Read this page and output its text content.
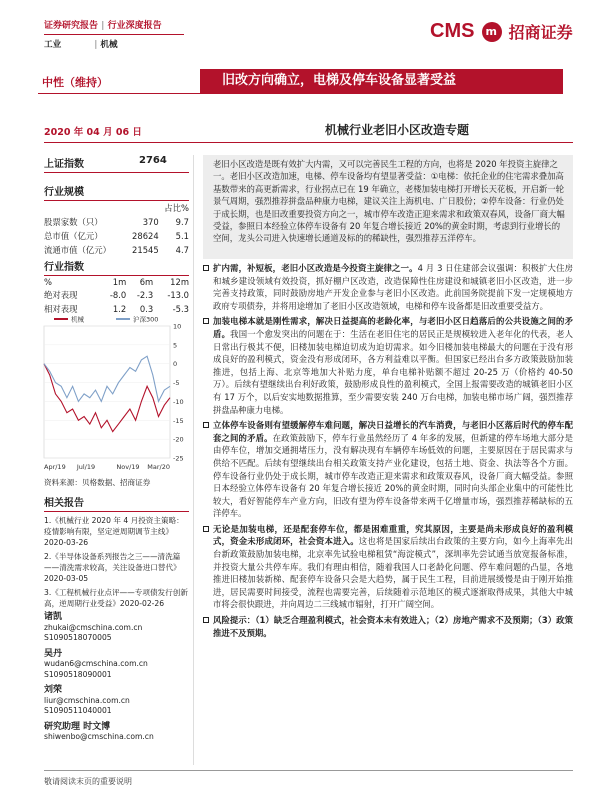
证券研究报告 | 行业深度报告
工业	| 机械
CMS m 招商证券
中性（维持）	旧改方向确立，电梯及停车设备显著受益
2020 年 04 月 06 日	机械行业老旧小区改造专题
上证指数	2764
行业规模
		占比%
股票家数（只）	370	9.7
总市值（亿元）	28624	5.1
流通市值（亿元）	21545	4.7
行业指数
%	1m	6m	12m
绝对表现	-8.0	-2.3	-13.0
相对表现	1.2	0.3	-5.3
10
5
0
-5
-10
-15
-20
-25
Apr/19 Jul/19	Nov/19 Mar/20
机械	沪深300
资料来源：贝格数据、招商证券
相关报告
1.《机械行业 2020 年 4 月投资主策略：疫情影响有限，坚定逆周期调节主线》2020-03-26
2.《半导体设备系列报告之三——清洗篇——清洗需求较高，关注设备进口替代》2020-03-05
3.《工程机械行业点评——专项债发行创新高，逆周期行业受益》2020-02-26
诸凯
zhukai@cmschina.com.cn
S1090518070005
吴丹
wudan6@cmschina.com.cn
S1090518090001
刘荣
liur@cmschina.com.cn
S1090511040001
研究助理 时文博
shiwenbo@cmschina.com.cn
老旧小区改造是既有效扩大内需，又可以完善民生工程的方向，也将是 2020 年投资主旋律之一。老旧小区改造加速，电梯、停车设备均有望显著受益：①电梯：依托企业的住宅需求叠加高基数带来的高更新需求，行业拐点已在 19 年确立，老楼加装电梯打开增长天花板，开启新一轮景气周期，强烈推荐拼盘品种康力电梯，建议关注上海机电、广日股份；②停车设备：行业仍处于成长期，也是旧改重要投资方向之一，城市停车改造正迎来需求和政策双春风，设备厂商大幅受益，参照日本经验立体停车设备有 20 年复合增长接近 20%的黄金时期，考虑到行业增长的空间，龙头公司进入快速增长通道及标的的稀缺性，强烈推荐五洋停车。
扩内需，补短板，老旧小区改造是今投资主旋律之一。4 月 3 日住建部会议强调：积极扩大住房和城乡建设领域有效投资，抓好棚户区改造，改造保障性住房建设和城镇老旧小区改造，进一步完善支持政策，同时鼓励房地产开发企业参与老旧小区改造。此前国务院提前下发一定规模地方政府专项债券，并将用途增加了老旧小区改造领域，电梯和停车设备都是旧改重要受益方。
加装电梯本就是刚性需求，解决日益提高的老龄化率，与老旧小区日趋落后的公共设施之间的矛盾。我国一个愈发突出的问题在于：生活在老旧住宅的居民正是规模较进入老年化的代表，老人日常出行极其不便，旧楼加装电梯迫切成为迫切需求。如今旧楼加装电梯最大的问题在于没有形成良好的盈利模式，资金没有形成闭环，各方利益难以平衡。但国家已经出台多方政策鼓励加装推进，包括上海、北京等地加大补贴力度，单台电梯补贴额不超过 20-25 万（价格约 40-50 万）。后续有望继续出台利好政策，鼓励形成良性的盈利模式，全国上报需要改造的城镇老旧小区有 17 万个，以后安实地数据推算，至少需要安装 240 万台电梯，加装电梯市场广阔，强烈推荐拼盘品种康力电梯。
立体停车设备则有望缓解停车难问题，解决日益增长的汽车消费，与老旧小区落后时代的停车配套之间的矛盾。在政策鼓励下，停车行业虽然经历了 4 年多的发展，但新建的停车场地大部分是由停车位，增加交通拥堵压力，没有解决现有车辆停车场低效的问题，主要原因在于居民需求与供给不匹配。后续有望继续出台相关政策支持产业化建设，包括土地、资金、执法等各个方面。停车设备行业仍处于成长期，城市停车改造正迎来需求和政策双春风，设备厂商大幅受益。参照日本经验立体停车设备有 20 年复合增长接近 20%的黄金时期，同时向头部企业集中的可能性比较大，看好智能停车产业方向，旧改有望为停车设备带来两千亿增量市场，强烈推荐稀缺标的五洋停车。
无论是加装电梯，还是配套停车位，都是困难重重，究其原因，主要是尚未形成良好的盈利模式，资金未形成闭环，社会资本进入。这也将是国家后续出台政策的主要方向，如今上海率先出台新政策鼓励加装电梯，北京率先试验电梯租赁“海淀模式”，深圳率先尝试通当放宽报备标准，并投资大量公共停车库。我们有理由相信，随着我国人口老龄化问题、停车难问题的凸显，各地推进旧楼加装新梯、配套停车设备只会是大趋势，属于民生工程，目前进展缓慢是由于刚开始推进，居民需要时间接受，流程也需要完善，后续随着示范地区的模式逐渐取得成果，其他大中城市将会很快跟进，并向周边二三线城市辐射，打开广阔空间。
风险提示：（1）缺乏合理盈利模式，社会资本未有效进入；（2）房地产需求不及预期；（3）政策推进不及预期。
敬请阅读末页的重要说明
